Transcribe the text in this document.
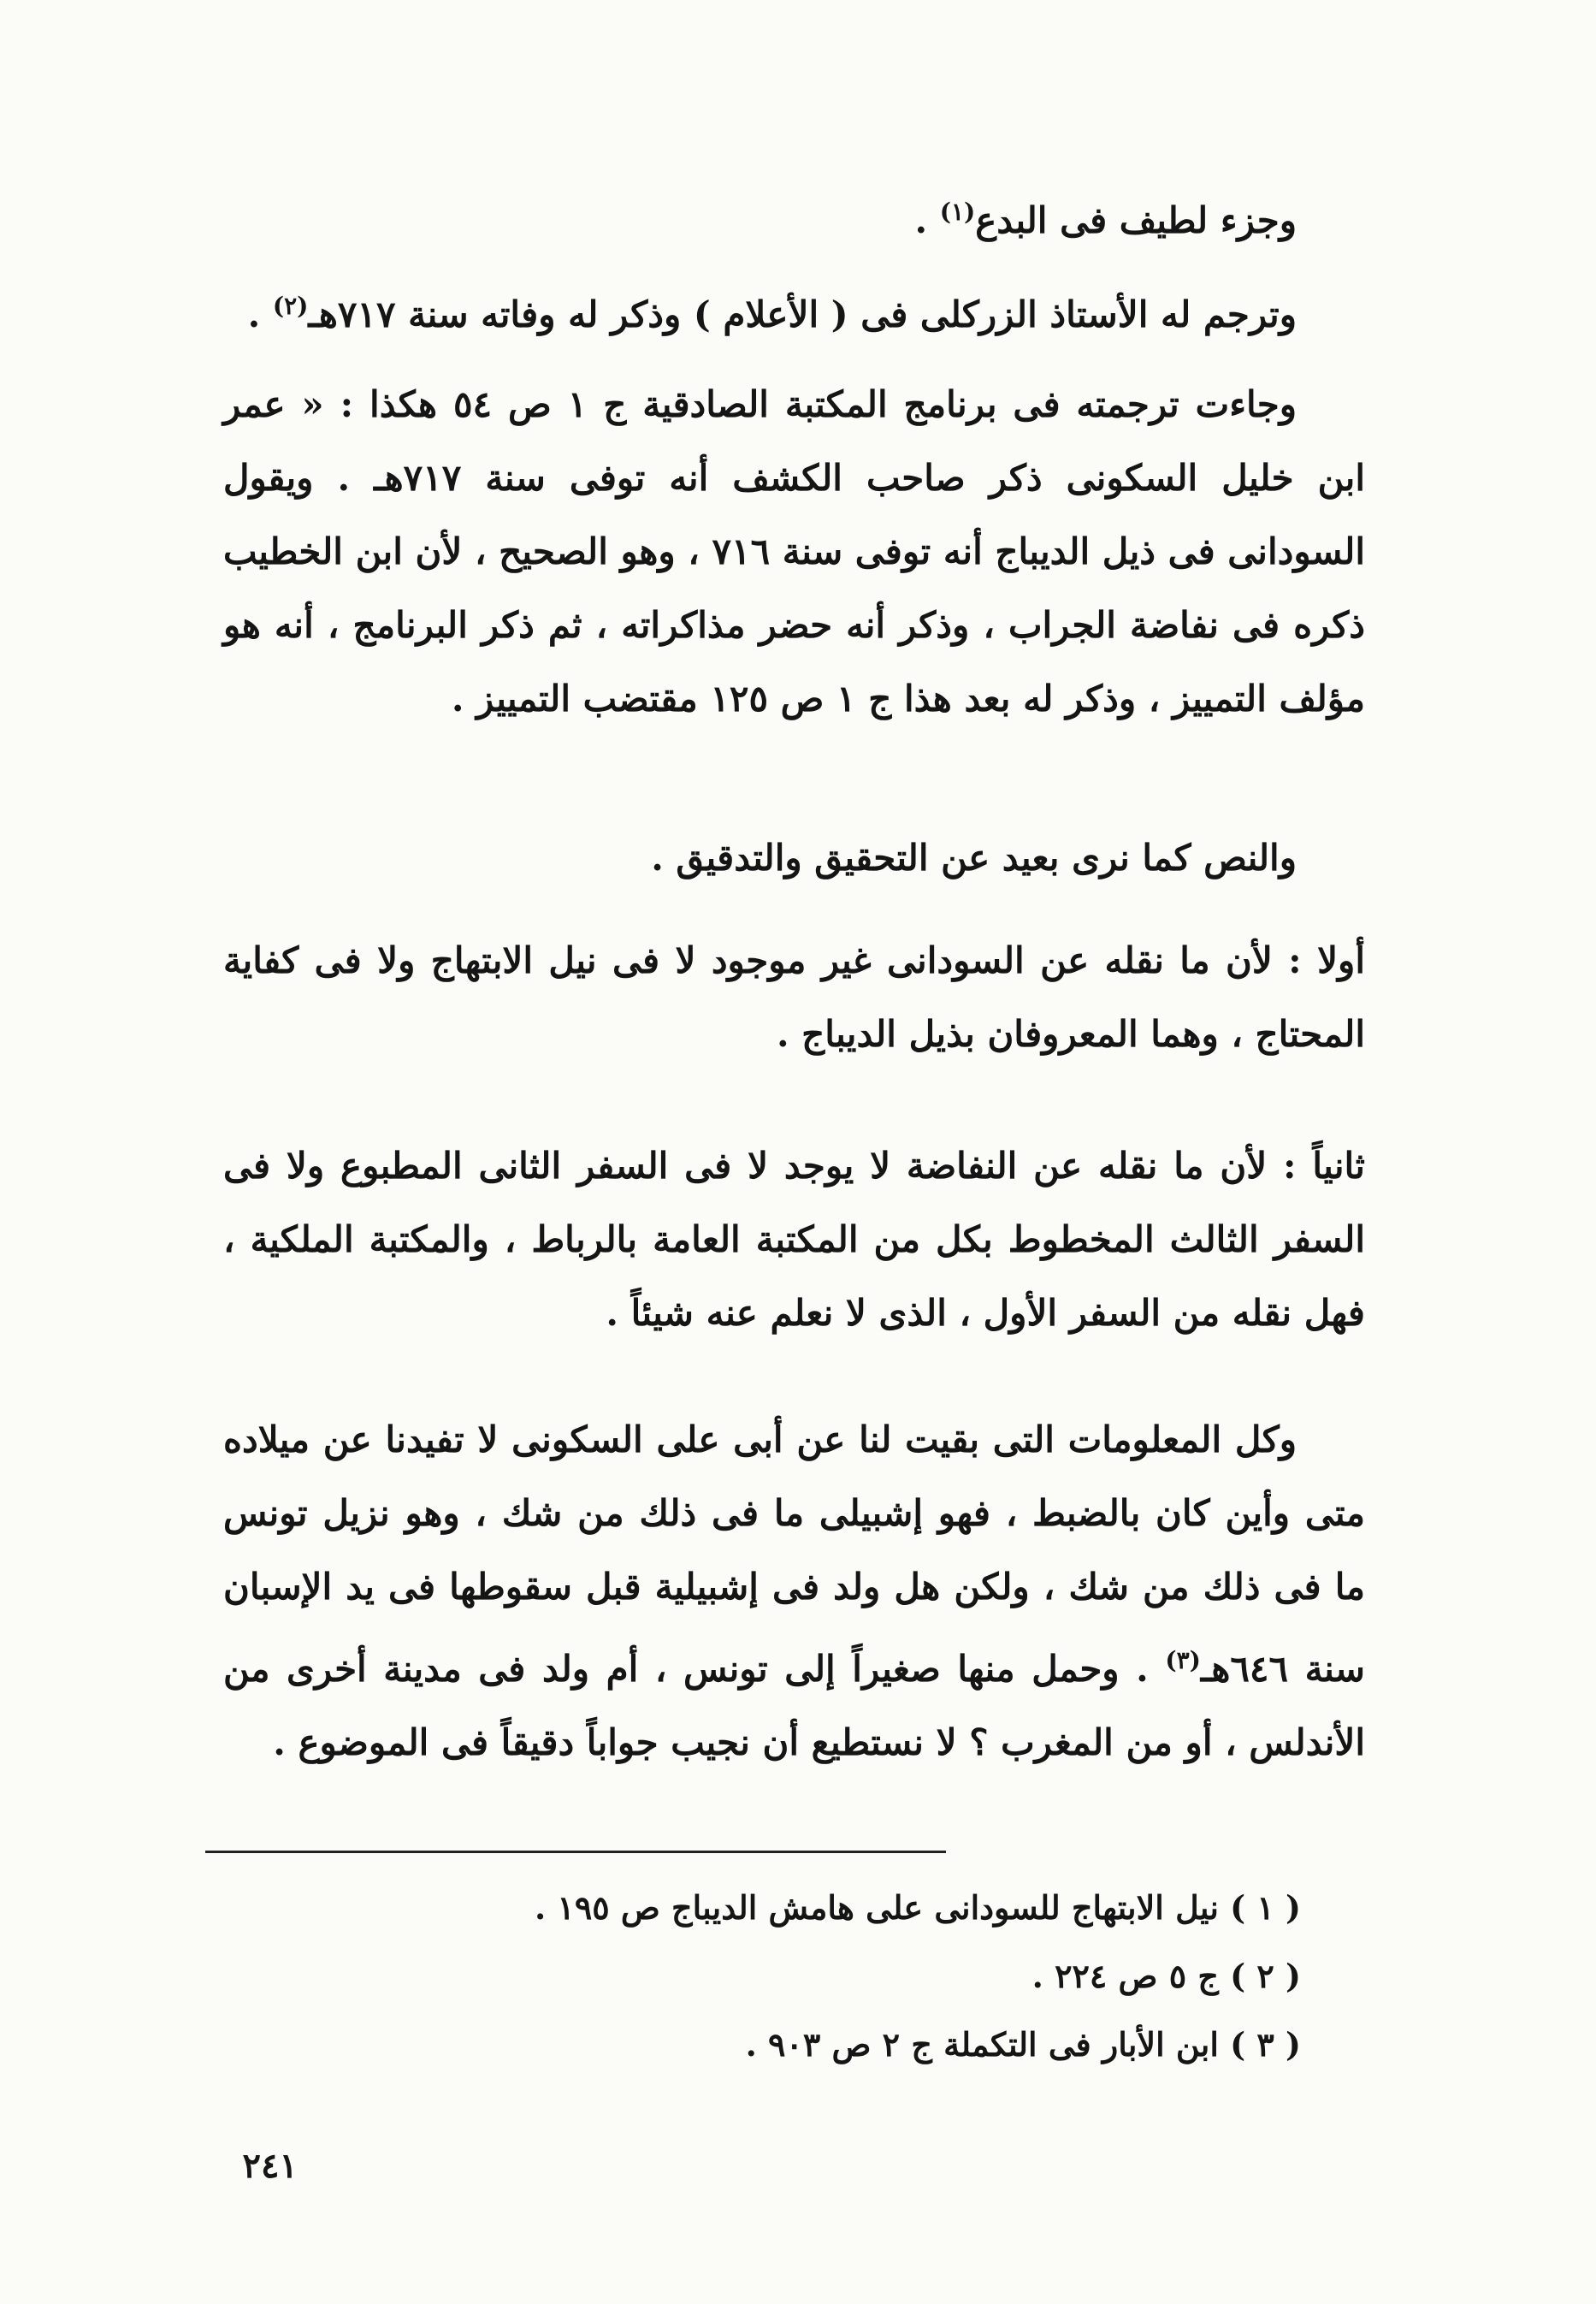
وجزء لطيف فى البدع$^{(١)}$ .

وترجم له الأستاذ الزركلى فى ( الأعلام ) وذكر له وفاته سنة ٧١٧هـ$^{(٢)}$ .

وجاءت ترجمته فى برنامج المكتبة الصادقية ج ١ ص ٥٤ هكذا : « عمر ابن خليل السكونى ذكر صاحب الكشف أنه توفى سنة ٧١٧هـ . ويقول السودانى فى ذيل الديباج أنه توفى سنة ٧١٦ ، وهو الصحيح ، لأن ابن الخطيب ذكره فى نفاضة الجراب ، وذكر أنه حضر مذاكراته ، ثم ذكر البرنامج ، أنه هو مؤلف التمييز ، وذكر له بعد هذا ج ١ ص ١٢٥ مقتضب التمييز .

والنص كما نرى بعيد عن التحقيق والتدقيق .

أولا : لأن ما نقله عن السودانى غير موجود لا فى نيل الابتهاج ولا فى كفاية المحتاج ، وهما المعروفان بذيل الديباج .

ثانياً : لأن ما نقله عن النفاضة لا يوجد لا فى السفر الثانى المطبوع ولا فى السفر الثالث المخطوط بكل من المكتبة العامة بالرباط ، والمكتبة الملكية ، فهل نقله من السفر الأول ، الذى لا نعلم عنه شيئاً .

وكل المعلومات التى بقيت لنا عن أبى على السكونى لا تفيدنا عن ميلاده متى وأين كان بالضبط ، فهو إشبيلى ما فى ذلك من شك ، وهو نزيل تونس ما فى ذلك من شك ، ولكن هل ولد فى إشبيلية قبل سقوطها فى يد الإسبان سنة ٦٤٦هـ$^{(٣)}$ . وحمل منها صغيراً إلى تونس ، أم ولد فى مدينة أخرى من الأندلس ، أو من المغرب ؟ لا نستطيع أن نجيب جواباً دقيقاً فى الموضوع .

( ١ ) نيل الابتهاج للسودانى على هامش الديباج ص ١٩٥ .

( ٢ ) ج ٥ ص ٢٢٤ .

( ٣ ) ابن الأبار فى التكملة ج ٢ ص ٩٠٣ .

٢٤١
